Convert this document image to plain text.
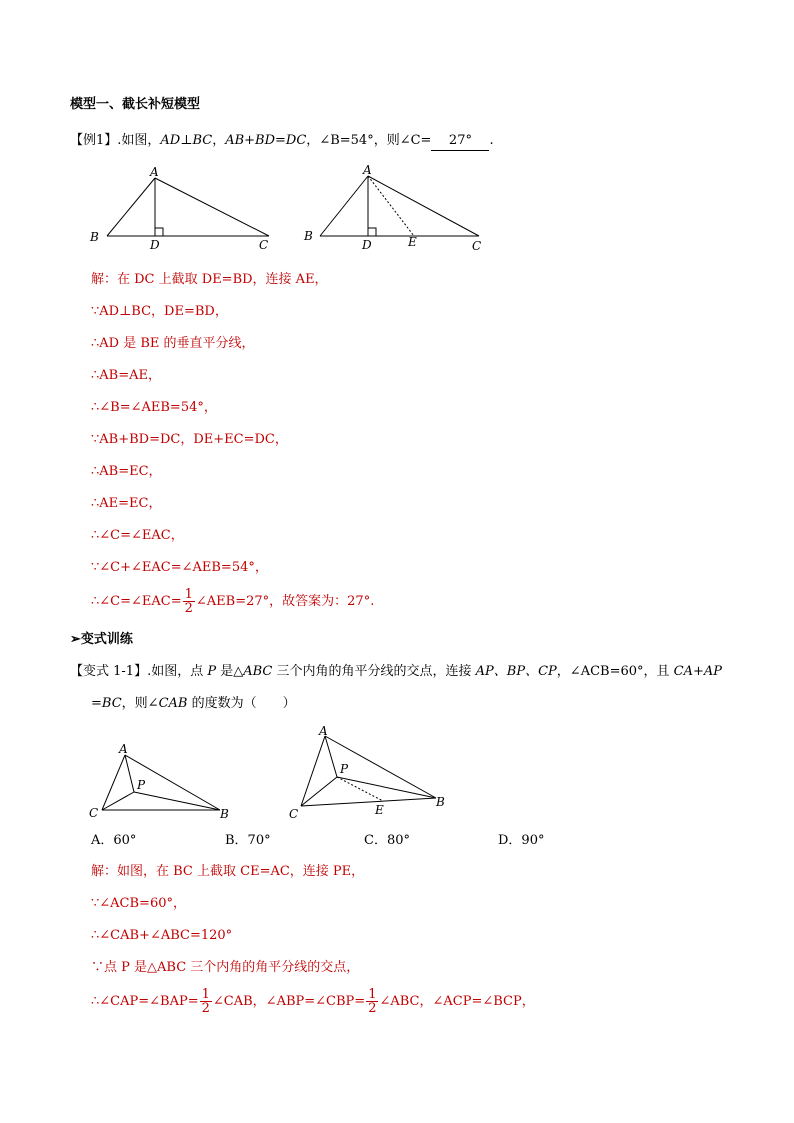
模型一、截长补短模型
【例1】.如图，AD⊥BC，AB+BD=DC，∠B=54°，则∠C= 27° .
A
B
C
D
A
B
C
D	E
解：在 DC 上截取 DE=BD，连接 AE，
∵AD⊥BC，DE=BD，
∴AD 是 BE 的垂直平分线，
∴AB=AE，
∴∠B=∠AEB=54°，
∵AB+BD=DC，DE+EC=DC，
∴AB=EC，
∴AE=EC，
∴∠C=∠EAC，
∵∠C+∠EAC=∠AEB=54°，
∴∠C=∠EAC= $\frac{1}{2}$ ∠AEB=27°，故答案为：27°.
➢变式训练
【变式 1-1】.如图，点 P 是△ABC 三个内角的角平分线的交点，连接 AP、BP、CP，∠ACB=60°，且 CA+AP
=BC，则∠CAB 的度数为（　　）
A
C	B
P
A
C
B
P
E
A．60°	B．70°	C．80°	D．90°
解：如图，在 BC 上截取 CE=AC，连接 PE，
∵∠ACB=60°，
∴∠CAB+∠ABC=120°
∵点 P 是△ABC 三个内角的角平分线的交点，
∴∠CAP=∠BAP= $\frac{1}{2}$ ∠CAB，∠ABP=∠CBP= $\frac{1}{2}$ ∠ABC，∠ACP=∠BCP，
